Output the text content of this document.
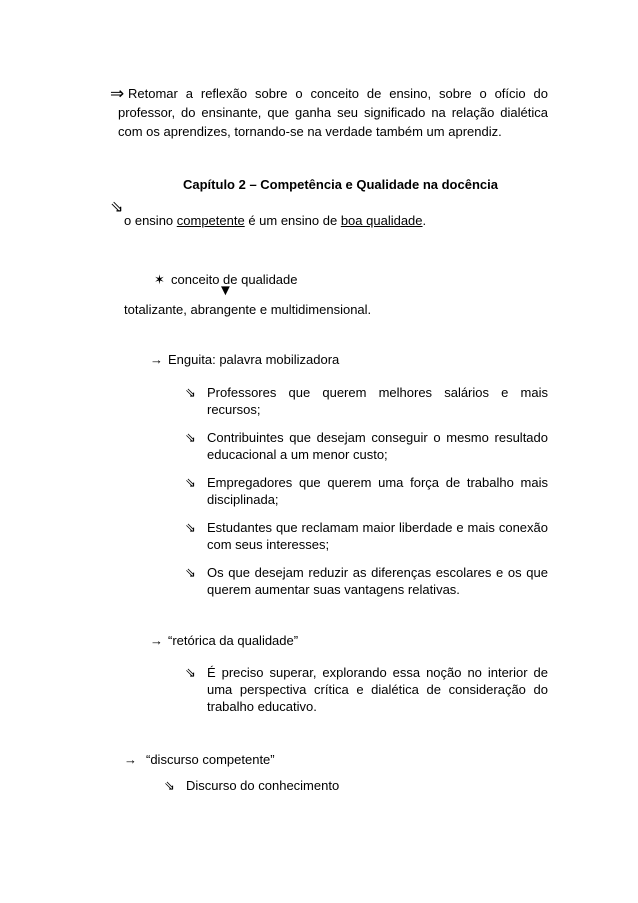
⇒ Retomar a reflexão sobre o conceito de ensino, sobre o ofício do
professor, do ensinante, que ganha seu significado na relação dialética
com os aprendizes, tornando-se na verdade também um aprendiz.
Capítulo 2 – Competência e Qualidade na docência
⇘
o ensino competente é um ensino de boa qualidade.
✶ conceito de qualidade
▼
totalizante, abrangente e multidimensional.
→ Enguita: palavra mobilizadora
⇘ Professores que querem melhores salários e mais recursos;
⇘ Contribuintes que desejam conseguir o mesmo resultado educacional a um menor custo;
⇘ Empregadores que querem uma força de trabalho mais disciplinada;
⇘ Estudantes que reclamam maior liberdade e mais conexão com seus interesses;
⇘ Os que desejam reduzir as diferenças escolares e os que querem aumentar suas vantagens relativas.
→ “retórica da qualidade”
⇘ É preciso superar, explorando essa noção no interior de uma perspectiva crítica e dialética de consideração do trabalho educativo.
→ “discurso competente”
⇘ Discurso do conhecimento
